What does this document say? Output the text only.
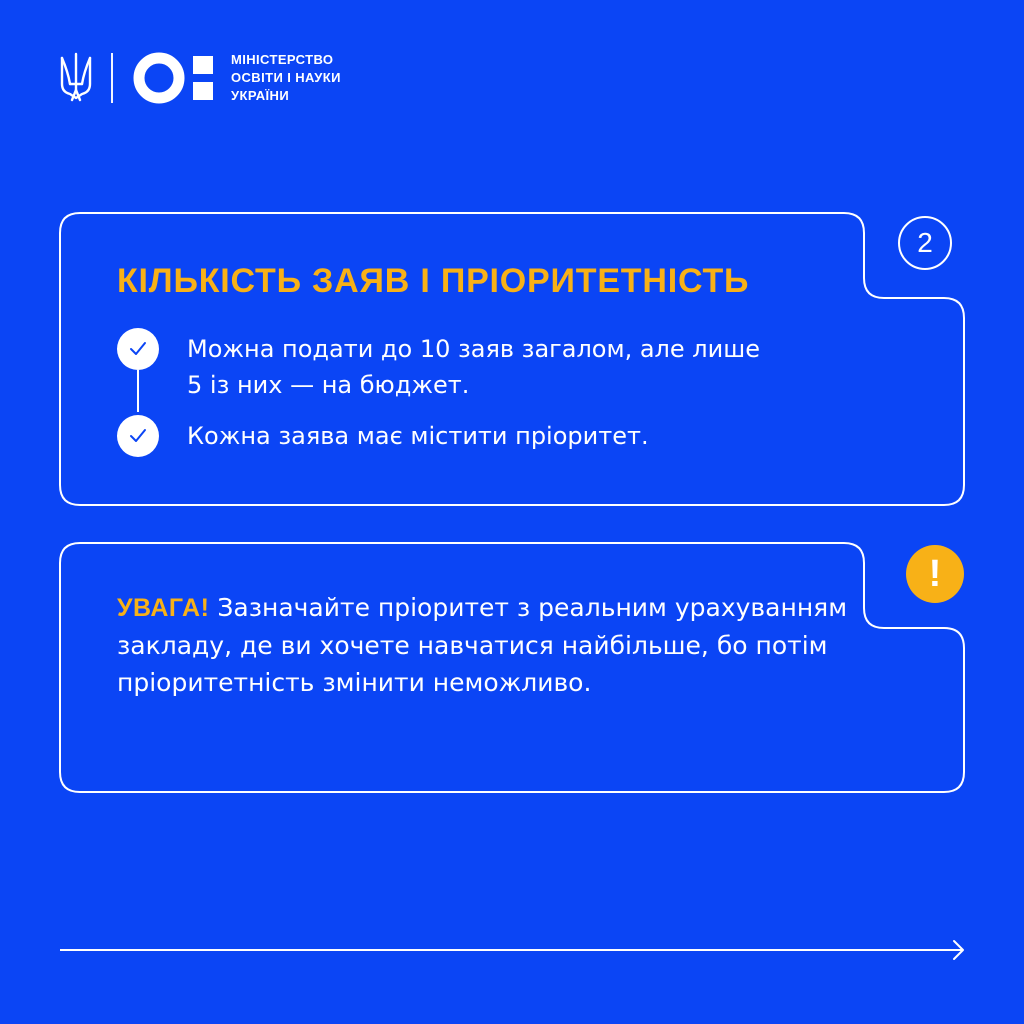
МІНІСТЕРСТВО
ОСВІТИ І НАУКИ
УКРАЇНИ
2
КІЛЬКІСТЬ ЗАЯВ І ПРІОРИТЕТНІСТЬ
Можна подати до 10 заяв загалом, але лише
5 із них — на бюджет.
Кожна заява має містити пріоритет.
!
УВАГА! Зазначайте пріоритет з реальним урахуванням закладу, де ви хочете навчатися найбільше, бо потім пріоритетність змінити неможливо.
